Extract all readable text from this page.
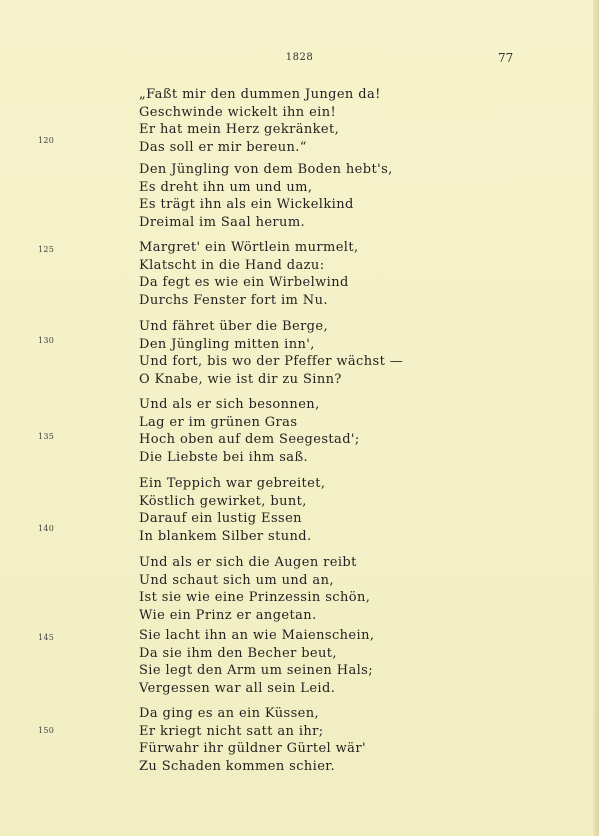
1828	77
„Faßt mir den dummen Jungen da!
Geschwinde wickelt ihn ein!
Er hat mein Herz gekränket,
Das soll er mir bereun.“
120
Den Jüngling von dem Boden hebt's,
Es dreht ihn um und um,
Es trägt ihn als ein Wickelkind
Dreimal im Saal herum.
Margret' ein Wörtlein murmelt,
Klatscht in die Hand dazu:
Da fegt es wie ein Wirbelwind
Durchs Fenster fort im Nu.
125
Und fähret über die Berge,
Den Jüngling mitten inn',
Und fort, bis wo der Pfeffer wächst —
O Knabe, wie ist dir zu Sinn?
130
Und als er sich besonnen,
Lag er im grünen Gras
Hoch oben auf dem Seegestad';
Die Liebste bei ihm saß.
135
Ein Teppich war gebreitet,
Köstlich gewirket, bunt,
Darauf ein lustig Essen
In blankem Silber stund.
140
Und als er sich die Augen reibt
Und schaut sich um und an,
Ist sie wie eine Prinzessin schön,
Wie ein Prinz er angetan.
Sie lacht ihn an wie Maienschein,
Da sie ihm den Becher beut,
Sie legt den Arm um seinen Hals;
Vergessen war all sein Leid.
145
Da ging es an ein Küssen,
Er kriegt nicht satt an ihr;
Fürwahr ihr güldner Gürtel wär'
Zu Schaden kommen schier.
150
